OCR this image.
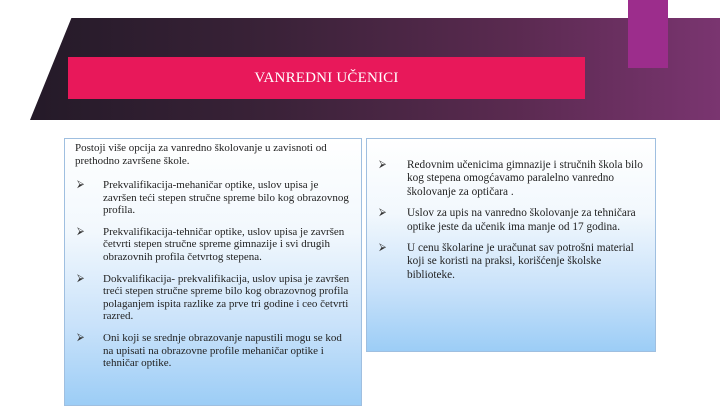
VANREDNI UČENICI

Postoji više opcija za vanredno školovanje u zavisnoti od prethodno završene škole.

⮚	Prekvalifikacija-mehaničar optike, uslov upisa je završen teći stepen stručne spreme bilo kog obrazovnog profila.
⮚	Prekvalifikacija-tehničar optike, uslov upisa je završen četvrti stepen stručne spreme gimnazije i svi drugih obrazovnih profila četvrtog stepena.
⮚	Dokvalifikacija- prekvalifikacija, uslov upisa je završen treći stepen stručne spreme bilo kog obrazovnog profila polaganjem ispita razlike za prve tri godine i ceo četvrti razred.
⮚	Oni koji se srednje obrazovanje napustili mogu se kod na upisati na obrazovne profile mehaničar optike i tehničar optike.
⮚	Redovnim učenicima gimnazije i stručnih škola bilo kog stepena omogćavamo paralelno vanredno školovanje za optičara .
⮚	Uslov za upis na vanredno školovanje za tehničara optike jeste da učenik ima manje od 17 godina.
⮚	U cenu školarine je uračunat sav potrošni material koji se koristi na praksi, korišćenje školske biblioteke.
